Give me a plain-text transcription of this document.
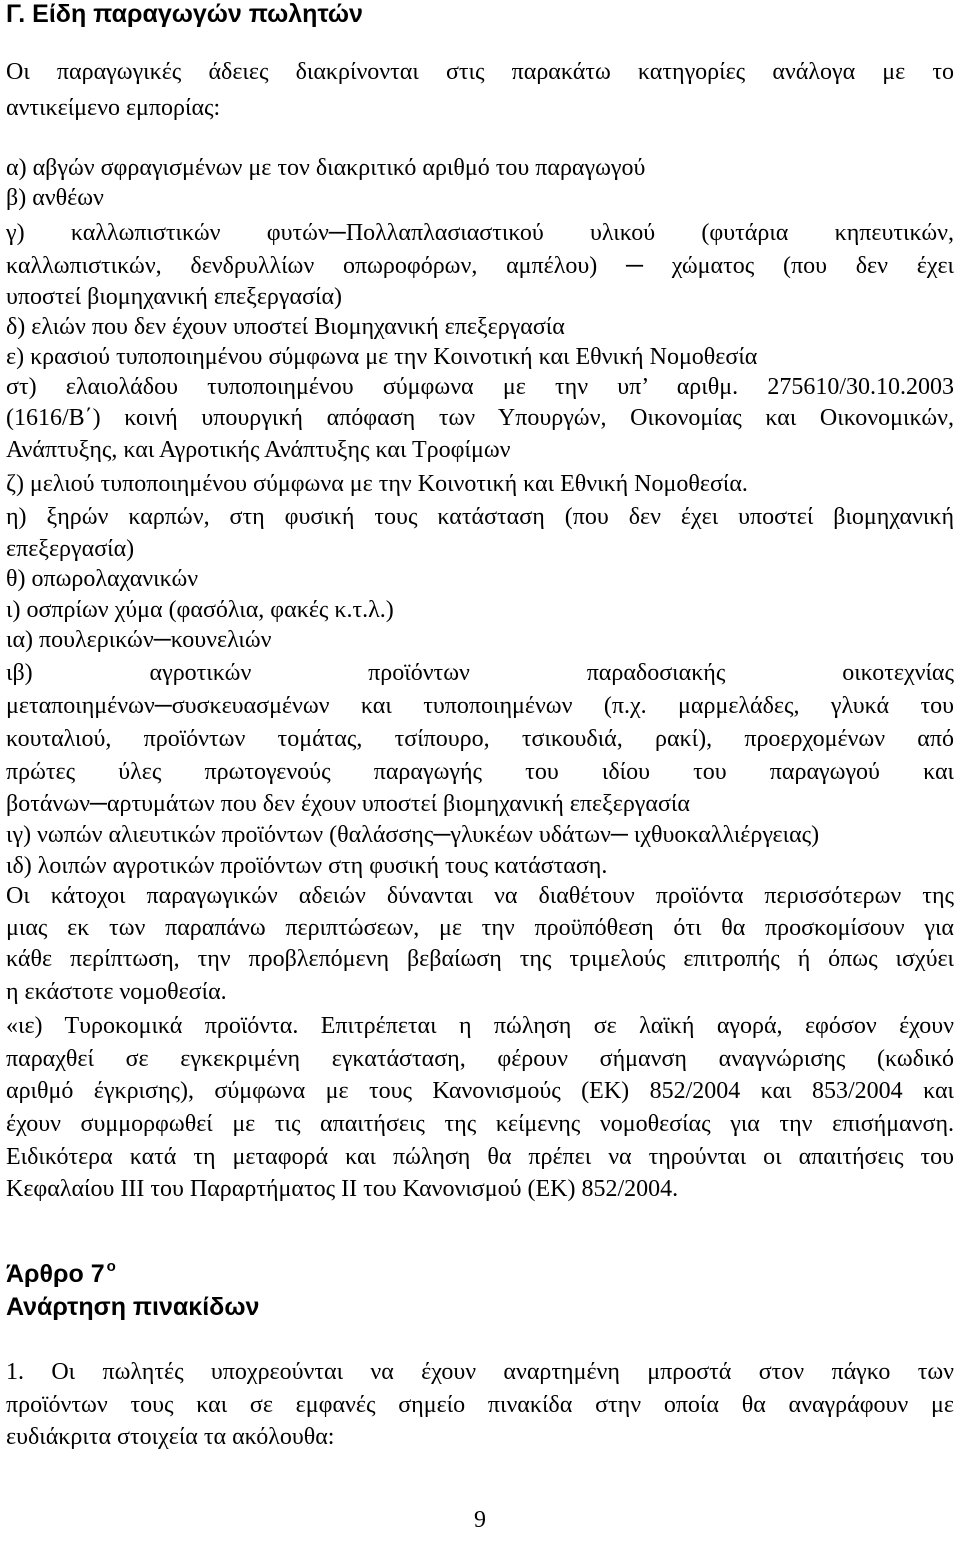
Γ. Είδη παραγωγών πωλητών
Οι παραγωγικές άδειες διακρίνονται στις παρακάτω κατηγορίες ανάλογα με το
αντικείμενο εμπορίας:
α) αβγών σφραγισμένων με τον διακριτικό αριθμό του παραγωγού
β) ανθέων
γ) καλλωπιστικών φυτών─Πολλαπλασιαστικού υλικού (φυτάρια κηπευτικών,
καλλωπιστικών, δενδρυλλίων οπωροφόρων, αμπέλου) ─ χώματος (που δεν έχει
υποστεί βιομηχανική επεξεργασία)
δ) ελιών που δεν έχουν υποστεί Βιομηχανική επεξεργασία
ε) κρασιού τυποποιημένου σύμφωνα με την Κοινοτική και Εθνική Νομοθεσία
στ) ελαιολάδου τυποποιημένου σύμφωνα με την υπ’ αριθμ. 275610/30.10.2003
(1616/Β΄) κοινή υπουργική απόφαση των Υπουργών, Οικονομίας και Οικονομικών,
Ανάπτυξης, και Αγροτικής Ανάπτυξης και Τροφίμων
ζ) μελιού τυποποιημένου σύμφωνα με την Κοινοτική και Εθνική Νομοθεσία.
η) ξηρών καρπών, στη φυσική τους κατάσταση (που δεν έχει υποστεί βιομηχανική
επεξεργασία)
θ) οπωρολαχανικών
ι) οσπρίων χύμα (φασόλια, φακές κ.τ.λ.)
ια) πουλερικών─κουνελιών
ιβ) αγροτικών προϊόντων παραδοσιακής οικοτεχνίας
μεταποιημένων─συσκευασμένων και τυποποιημένων (π.χ. μαρμελάδες, γλυκά του
κουταλιού, προϊόντων τομάτας, τσίπουρο, τσικουδιά, ρακί), προερχομένων από
πρώτες ύλες πρωτογενούς παραγωγής του ιδίου του παραγωγού και
βοτάνων─αρτυμάτων που δεν έχουν υποστεί βιομηχανική επεξεργασία
ιγ) νωπών αλιευτικών προϊόντων (θαλάσσης─γλυκέων υδάτων─ ιχθυοκαλλιέργειας)
ιδ) λοιπών αγροτικών προϊόντων στη φυσική τους κατάσταση.
Οι κάτοχοι παραγωγικών αδειών δύνανται να διαθέτουν προϊόντα περισσότερων της
μιας εκ των παραπάνω περιπτώσεων, με την προϋπόθεση ότι θα προσκομίσουν για
κάθε περίπτωση, την προβλεπόμενη βεβαίωση της τριμελούς επιτροπής ή όπως ισχύει
η εκάστοτε νομοθεσία.
«ιε) Τυροκομικά προϊόντα. Επιτρέπεται η πώληση σε λαϊκή αγορά, εφόσον έχουν
παραχθεί σε εγκεκριμένη εγκατάσταση, φέρουν σήμανση αναγνώρισης (κωδικό
αριθμό έγκρισης), σύμφωνα με τους Κανονισμούς (ΕΚ) 852/2004 και 853/2004 και
έχουν συμμορφωθεί με τις απαιτήσεις της κείμενης νομοθεσίας για την επισήμανση.
Ειδικότερα κατά τη μεταφορά και πώληση θα πρέπει να τηρούνται οι απαιτήσεις του
Κεφαλαίου ΙΙΙ του Παραρτήματος ΙΙ του Κανονισμού (ΕΚ) 852/2004.
Άρθρο 7 $^o$
Ανάρτηση πινακίδων
1. Οι πωλητές υποχρεούνται να έχουν αναρτημένη μπροστά στον πάγκο των
προϊόντων τους και σε εμφανές σημείο πινακίδα στην οποία θα αναγράφουν με
ευδιάκριτα στοιχεία τα ακόλουθα:
9
